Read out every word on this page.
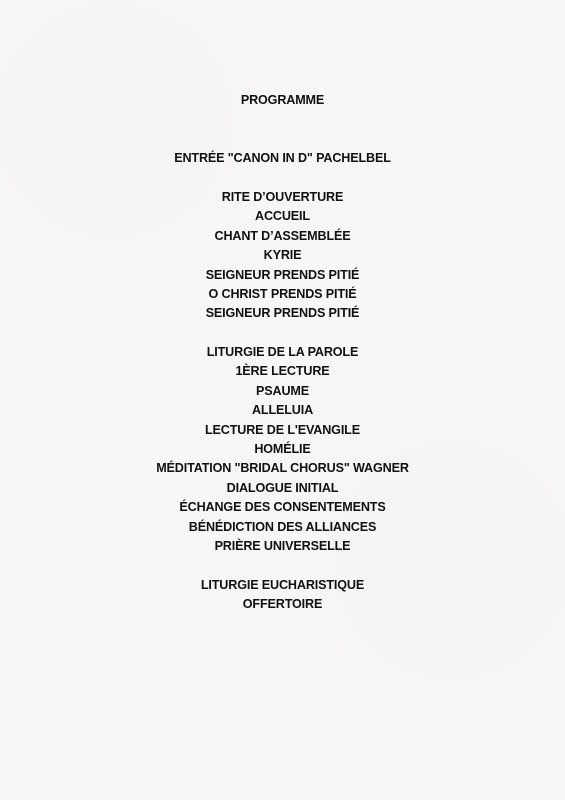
PROGRAMME
ENTRÉE "CANON IN D" PACHELBEL
RITE D’OUVERTURE
ACCUEIL
CHANT D’ASSEMBLÉE
KYRIE
SEIGNEUR PRENDS PITIÉ
O CHRIST PRENDS PITIÉ
SEIGNEUR PRENDS PITIÉ
LITURGIE DE LA PAROLE
1ÈRE LECTURE
PSAUME
ALLELUIA
LECTURE DE L'EVANGILE
HOMÉLIE
MÉDITATION "BRIDAL CHORUS" WAGNER
DIALOGUE INITIAL
ÉCHANGE DES CONSENTEMENTS
BÉNÉDICTION DES ALLIANCES
PRIÈRE UNIVERSELLE
LITURGIE EUCHARISTIQUE
OFFERTOIRE
